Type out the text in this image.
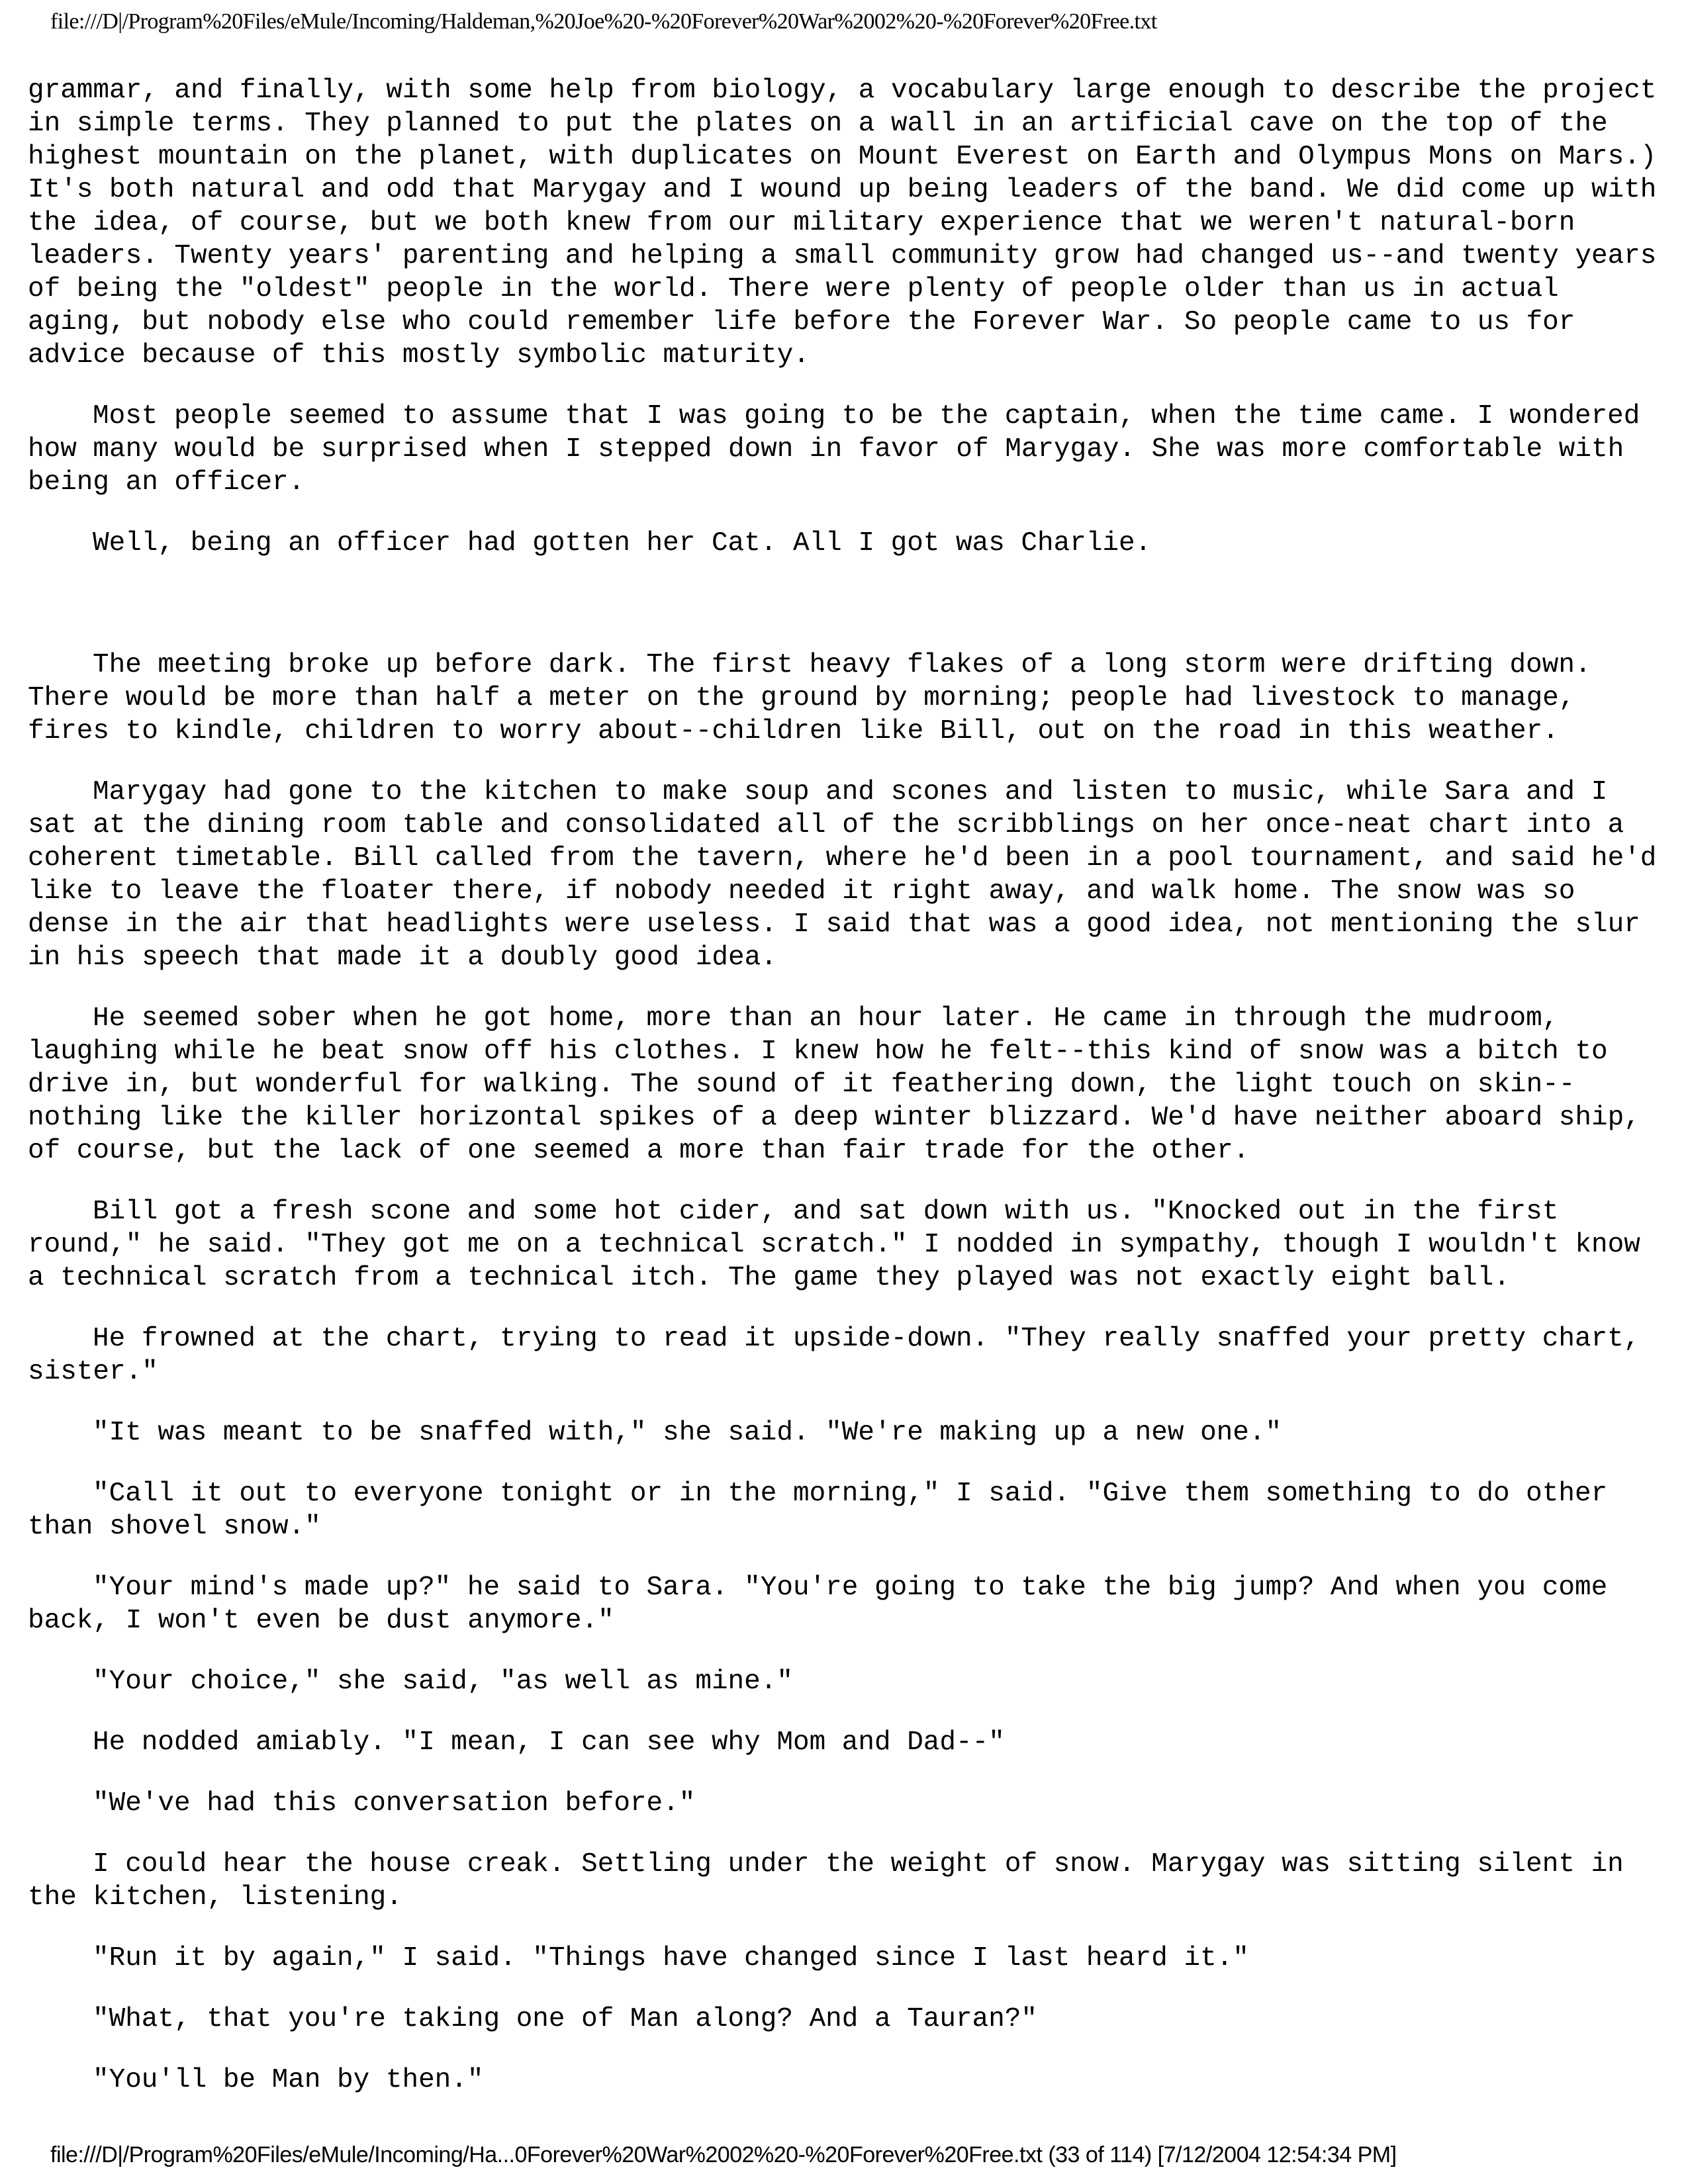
file:///D|/Program%20Files/eMule/Incoming/Haldeman,%20Joe%20-%20Forever%20War%2002%20-%20Forever%20Free.txt

grammar, and finally, with some help from biology, a vocabulary large enough to describe the project in simple terms. They planned to put the plates on a wall in an artificial cave on the top of the highest mountain on the planet, with duplicates on Mount Everest on Earth and Olympus Mons on Mars.) It's both natural and odd that Marygay and I wound up being leaders of the band. We did come up with the idea, of course, but we both knew from our military experience that we weren't natural-born leaders. Twenty years' parenting and helping a small community grow had changed us--and twenty years of being the "oldest" people in the world. There were plenty of people older than us in actual aging, but nobody else who could remember life before the Forever War. So people came to us for advice because of this mostly symbolic maturity.

Most people seemed to assume that I was going to be the captain, when the time came. I wondered how many would be surprised when I stepped down in favor of Marygay. She was more comfortable with being an officer.

Well, being an officer had gotten her Cat. All I got was Charlie.

The meeting broke up before dark. The first heavy flakes of a long storm were drifting down. There would be more than half a meter on the ground by morning; people had livestock to manage, fires to kindle, children to worry about--children like Bill, out on the road in this weather.

Marygay had gone to the kitchen to make soup and scones and listen to music, while Sara and I sat at the dining room table and consolidated all of the scribblings on her once-neat chart into a coherent timetable. Bill called from the tavern, where he'd been in a pool tournament, and said he'd like to leave the floater there, if nobody needed it right away, and walk home. The snow was so dense in the air that headlights were useless. I said that was a good idea, not mentioning the slur in his speech that made it a doubly good idea.

He seemed sober when he got home, more than an hour later. He came in through the mudroom, laughing while he beat snow off his clothes. I knew how he felt--this kind of snow was a bitch to drive in, but wonderful for walking. The sound of it feathering down, the light touch on skin--nothing like the killer horizontal spikes of a deep winter blizzard. We'd have neither aboard ship, of course, but the lack of one seemed a more than fair trade for the other.

Bill got a fresh scone and some hot cider, and sat down with us. "Knocked out in the first round," he said. "They got me on a technical scratch." I nodded in sympathy, though I wouldn't know a technical scratch from a technical itch. The game they played was not exactly eight ball.

He frowned at the chart, trying to read it upside-down. "They really snaffed your pretty chart, sister."

"It was meant to be snaffed with," she said. "We're making up a new one."

"Call it out to everyone tonight or in the morning," I said. "Give them something to do other than shovel snow."

"Your mind's made up?" he said to Sara. "You're going to take the big jump? And when you come back, I won't even be dust anymore."

"Your choice," she said, "as well as mine."

He nodded amiably. "I mean, I can see why Mom and Dad--"

"We've had this conversation before."

I could hear the house creak. Settling under the weight of snow. Marygay was sitting silent in the kitchen, listening.

"Run it by again," I said. "Things have changed since I last heard it."

"What, that you're taking one of Man along? And a Tauran?"

"You'll be Man by then."

file:///D|/Program%20Files/eMule/Incoming/Ha...0Forever%20War%2002%20-%20Forever%20Free.txt (33 of 114) [7/12/2004 12:54:34 PM]
